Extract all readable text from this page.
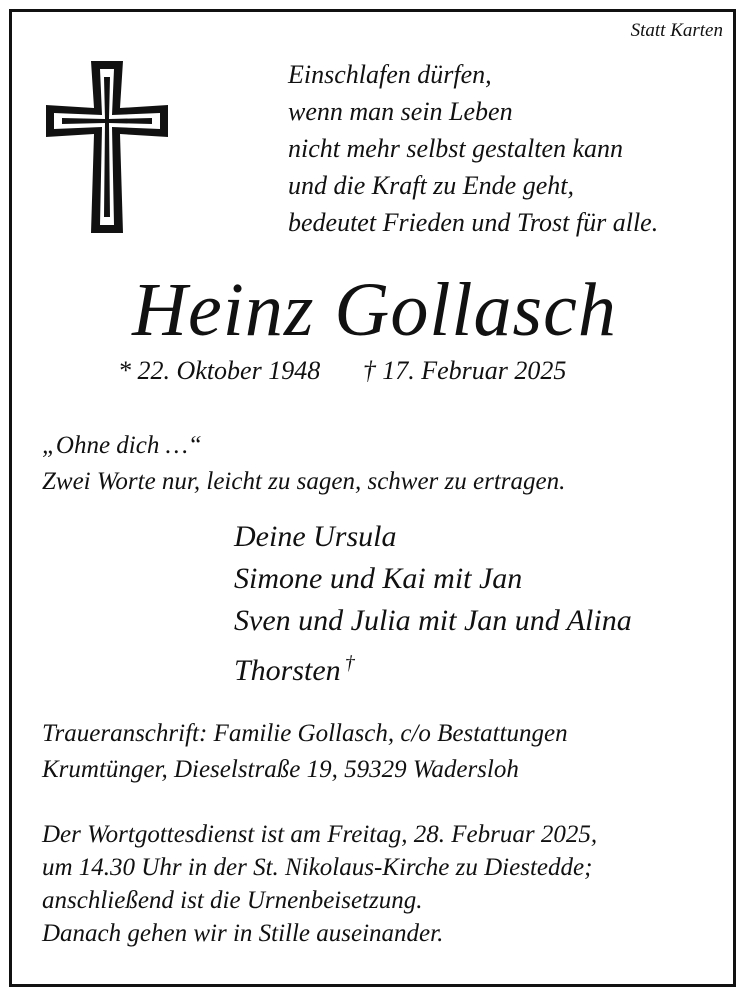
Statt Karten
Einschlafen dürfen,
wenn man sein Leben
nicht mehr selbst gestalten kann
und die Kraft zu Ende geht,
bedeutet Frieden und Trost für alle.
Heinz Gollasch
* 22. Oktober 1948 † 17. Februar 2025
„Ohne dich …“
Zwei Worte nur, leicht zu sagen, schwer zu ertragen.
Deine Ursula
Simone und Kai mit Jan
Sven und Julia mit Jan und Alina
Thorsten †
Traueranschrift: Familie Gollasch, c/o Bestattungen
Krumtünger, Dieselstraße 19, 59329 Wadersloh
Der Wortgottesdienst ist am Freitag, 28. Februar 2025,
um 14.30 Uhr in der St. Nikolaus-Kirche zu Diestedde;
anschließend ist die Urnenbeisetzung.
Danach gehen wir in Stille auseinander.
